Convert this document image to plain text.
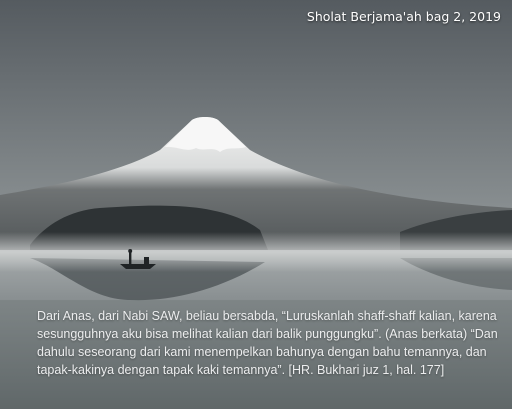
Sholat Berjama'ah bag 2, 2019

Dari Anas, dari Nabi SAW, beliau bersabda, “Luruskanlah shaff-shaff kalian, karena sesungguhnya aku bisa melihat kalian dari balik punggungku”. (Anas berkata) “Dan dahulu seseorang dari kami menempelkan bahunya dengan bahu temannya, dan tapak-kakinya dengan tapak kaki temannya”. [HR. Bukhari juz 1, hal. 177]
